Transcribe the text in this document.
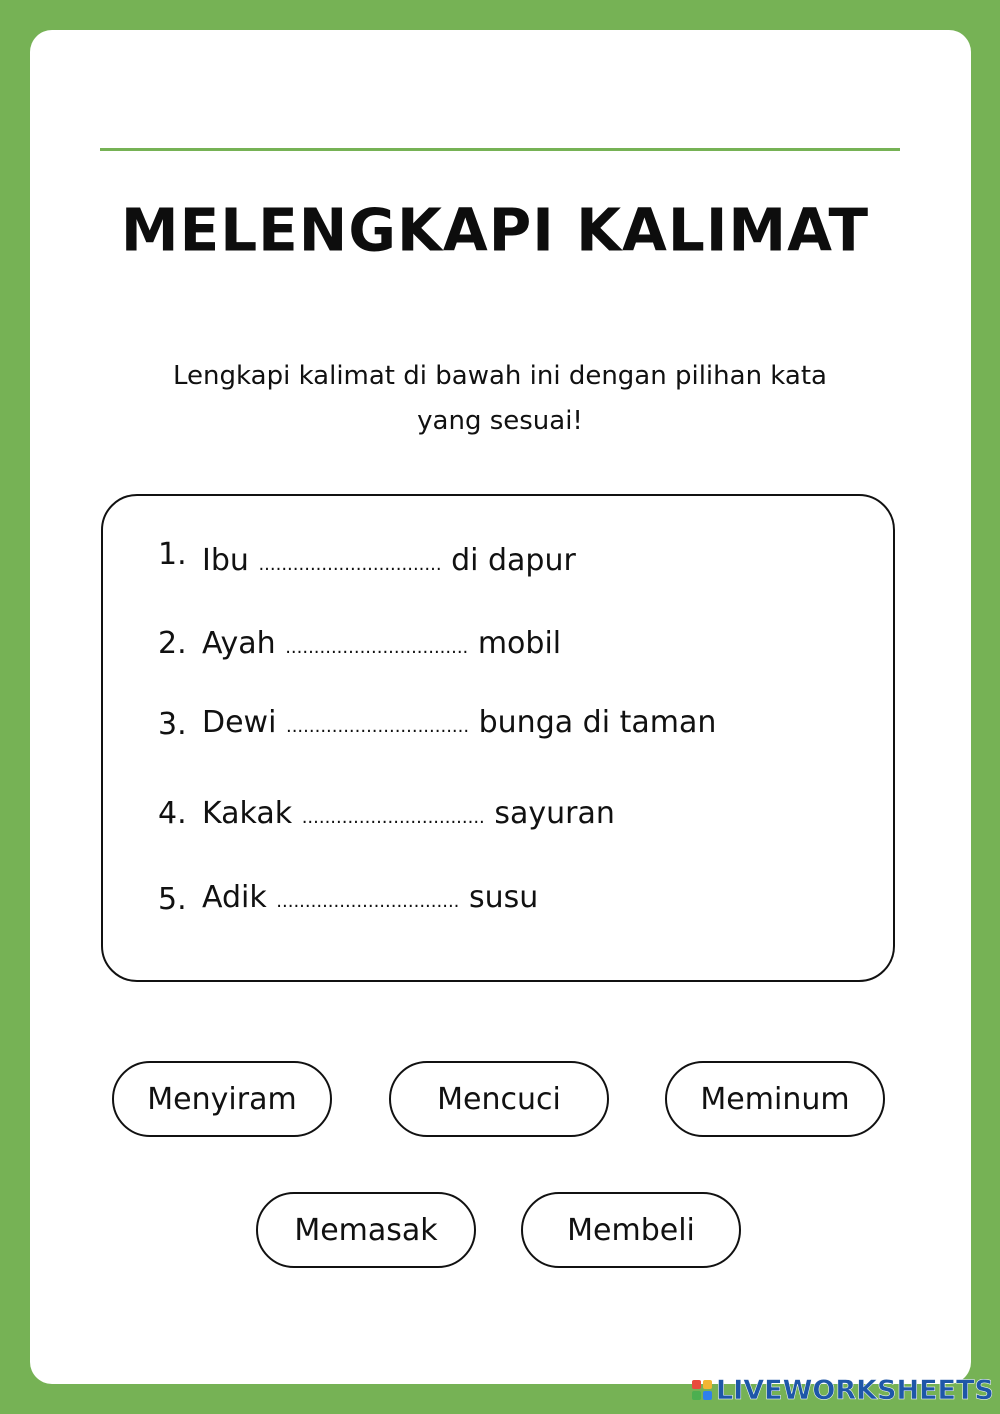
MELENGKAPI KALIMAT
Lengkapi kalimat di bawah ini dengan pilihan kata
yang sesuai!
1. Ibu ................................ di dapur
2. Ayah ................................ mobil
3. Dewi ................................ bunga di taman
4. Kakak ................................ sayuran
5. Adik ................................ susu
Menyiram	Mencuci	Meminum
Memasak	Membeli
LIVEWORKSHEETS
